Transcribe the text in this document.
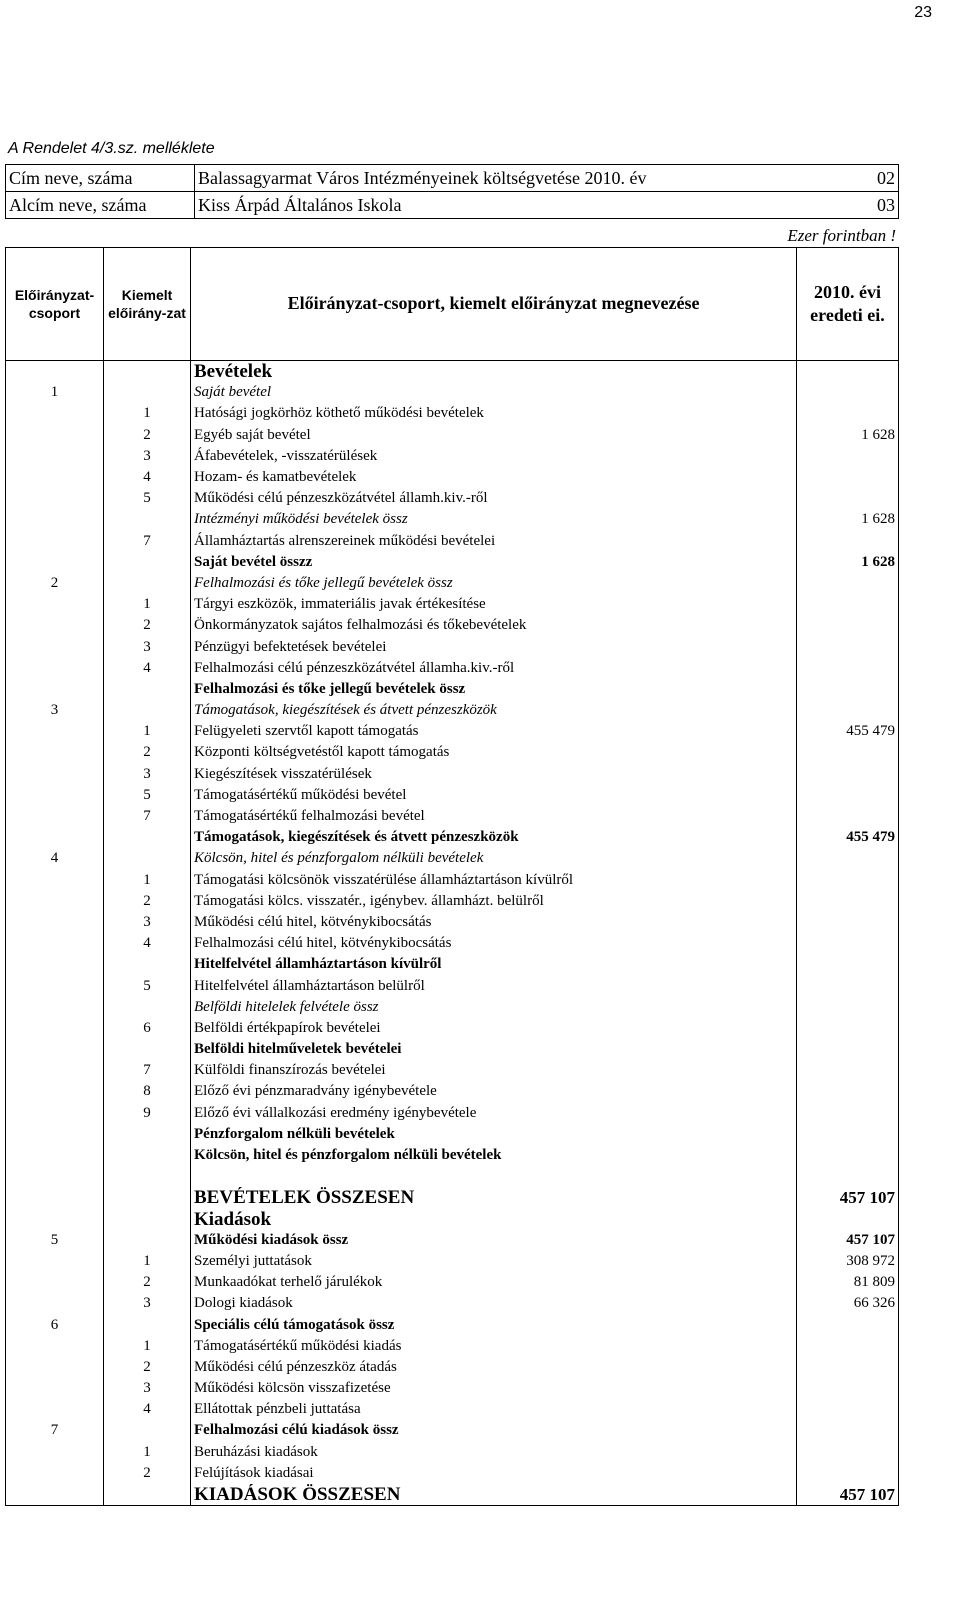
23
A Rendelet 4/3.sz. melléklete
Cím neve, száma	Balassagyarmat Város Intézményeinek költségvetése 2010. év	02
Alcím neve, száma	Kiss Árpád Általános Iskola	03
Ezer forintban !
Előirányzat-csoport	Kiemelt előirány-zat	Előirányzat-csoport, kiemelt előirányzat megnevezése	2010. évi eredeti ei.
		Bevételek	
1		Saját bevétel	
	1	Hatósági jogkörhöz köthető működési bevételek	
	2	Egyéb saját bevétel	1 628
	3	Áfabevételek, -visszatérülések	
	4	Hozam- és kamatbevételek	
	5	Működési célú pénzeszközátvétel államh.kiv.-ről	
		Intézményi működési bevételek össz	1 628
	7	Államháztartás alrenszereinek működési bevételei	
		Saját bevétel összz	1 628
2		Felhalmozási és tőke jellegű bevételek össz	
	1	Tárgyi eszközök, immateriális javak értékesítése	
	2	Önkormányzatok sajátos felhalmozási és tőkebevételek	
	3	Pénzügyi befektetések bevételei	
	4	Felhalmozási célú pénzeszközátvétel államha.kiv.-ről	
		Felhalmozási és tőke jellegű bevételek össz	
3		Támogatások, kiegészítések és átvett pénzeszközök	
	1	Felügyeleti szervtől kapott támogatás	455 479
	2	Központi költségvetéstől kapott támogatás	
	3	Kiegészítések visszatérülések	
	5	Támogatásértékű működési bevétel	
	7	Támogatásértékű felhalmozási bevétel	
		Támogatások, kiegészítések és átvett pénzeszközök	455 479
4		Kölcsön, hitel és pénzforgalom nélküli bevételek	
	1	Támogatási kölcsönök visszatérülése államháztartáson kívülről	
	2	Támogatási kölcs. visszatér., igénybev. államházt. belülről	
	3	Működési célú hitel, kötvénykibocsátás	
	4	Felhalmozási célú hitel, kötvénykibocsátás	
		Hitelfelvétel államháztartáson kívülről	
	5	Hitelfelvétel államháztartáson belülről	
		Belföldi hitelelek felvétele össz	
	6	Belföldi értékpapírok bevételei	
		Belföldi hitelműveletek bevételei	
	7	Külföldi finanszírozás bevételei	
	8	Előző évi pénzmaradvány igénybevétele	
	9	Előző évi vállalkozási eredmény igénybevétele	
		Pénzforgalom nélküli bevételek	
		Kölcsön, hitel és pénzforgalom nélküli bevételek	

		BEVÉTELEK ÖSSZESEN	457 107
		Kiadások	
5		Működési kiadások össz	457 107
	1	Személyi juttatások	308 972
	2	Munkaadókat terhelő járulékok	81 809
	3	Dologi kiadások	66 326
6		Speciális célú támogatások össz	
	1	Támogatásértékű működési kiadás	
	2	Működési célú pénzeszköz átadás	
	3	Működési kölcsön visszafizetése	
	4	Ellátottak pénzbeli juttatása	
7		Felhalmozási célú kiadások össz	
	1	Beruházási kiadások	
	2	Felújítások kiadásai	
		KIADÁSOK ÖSSZESEN	457 107
